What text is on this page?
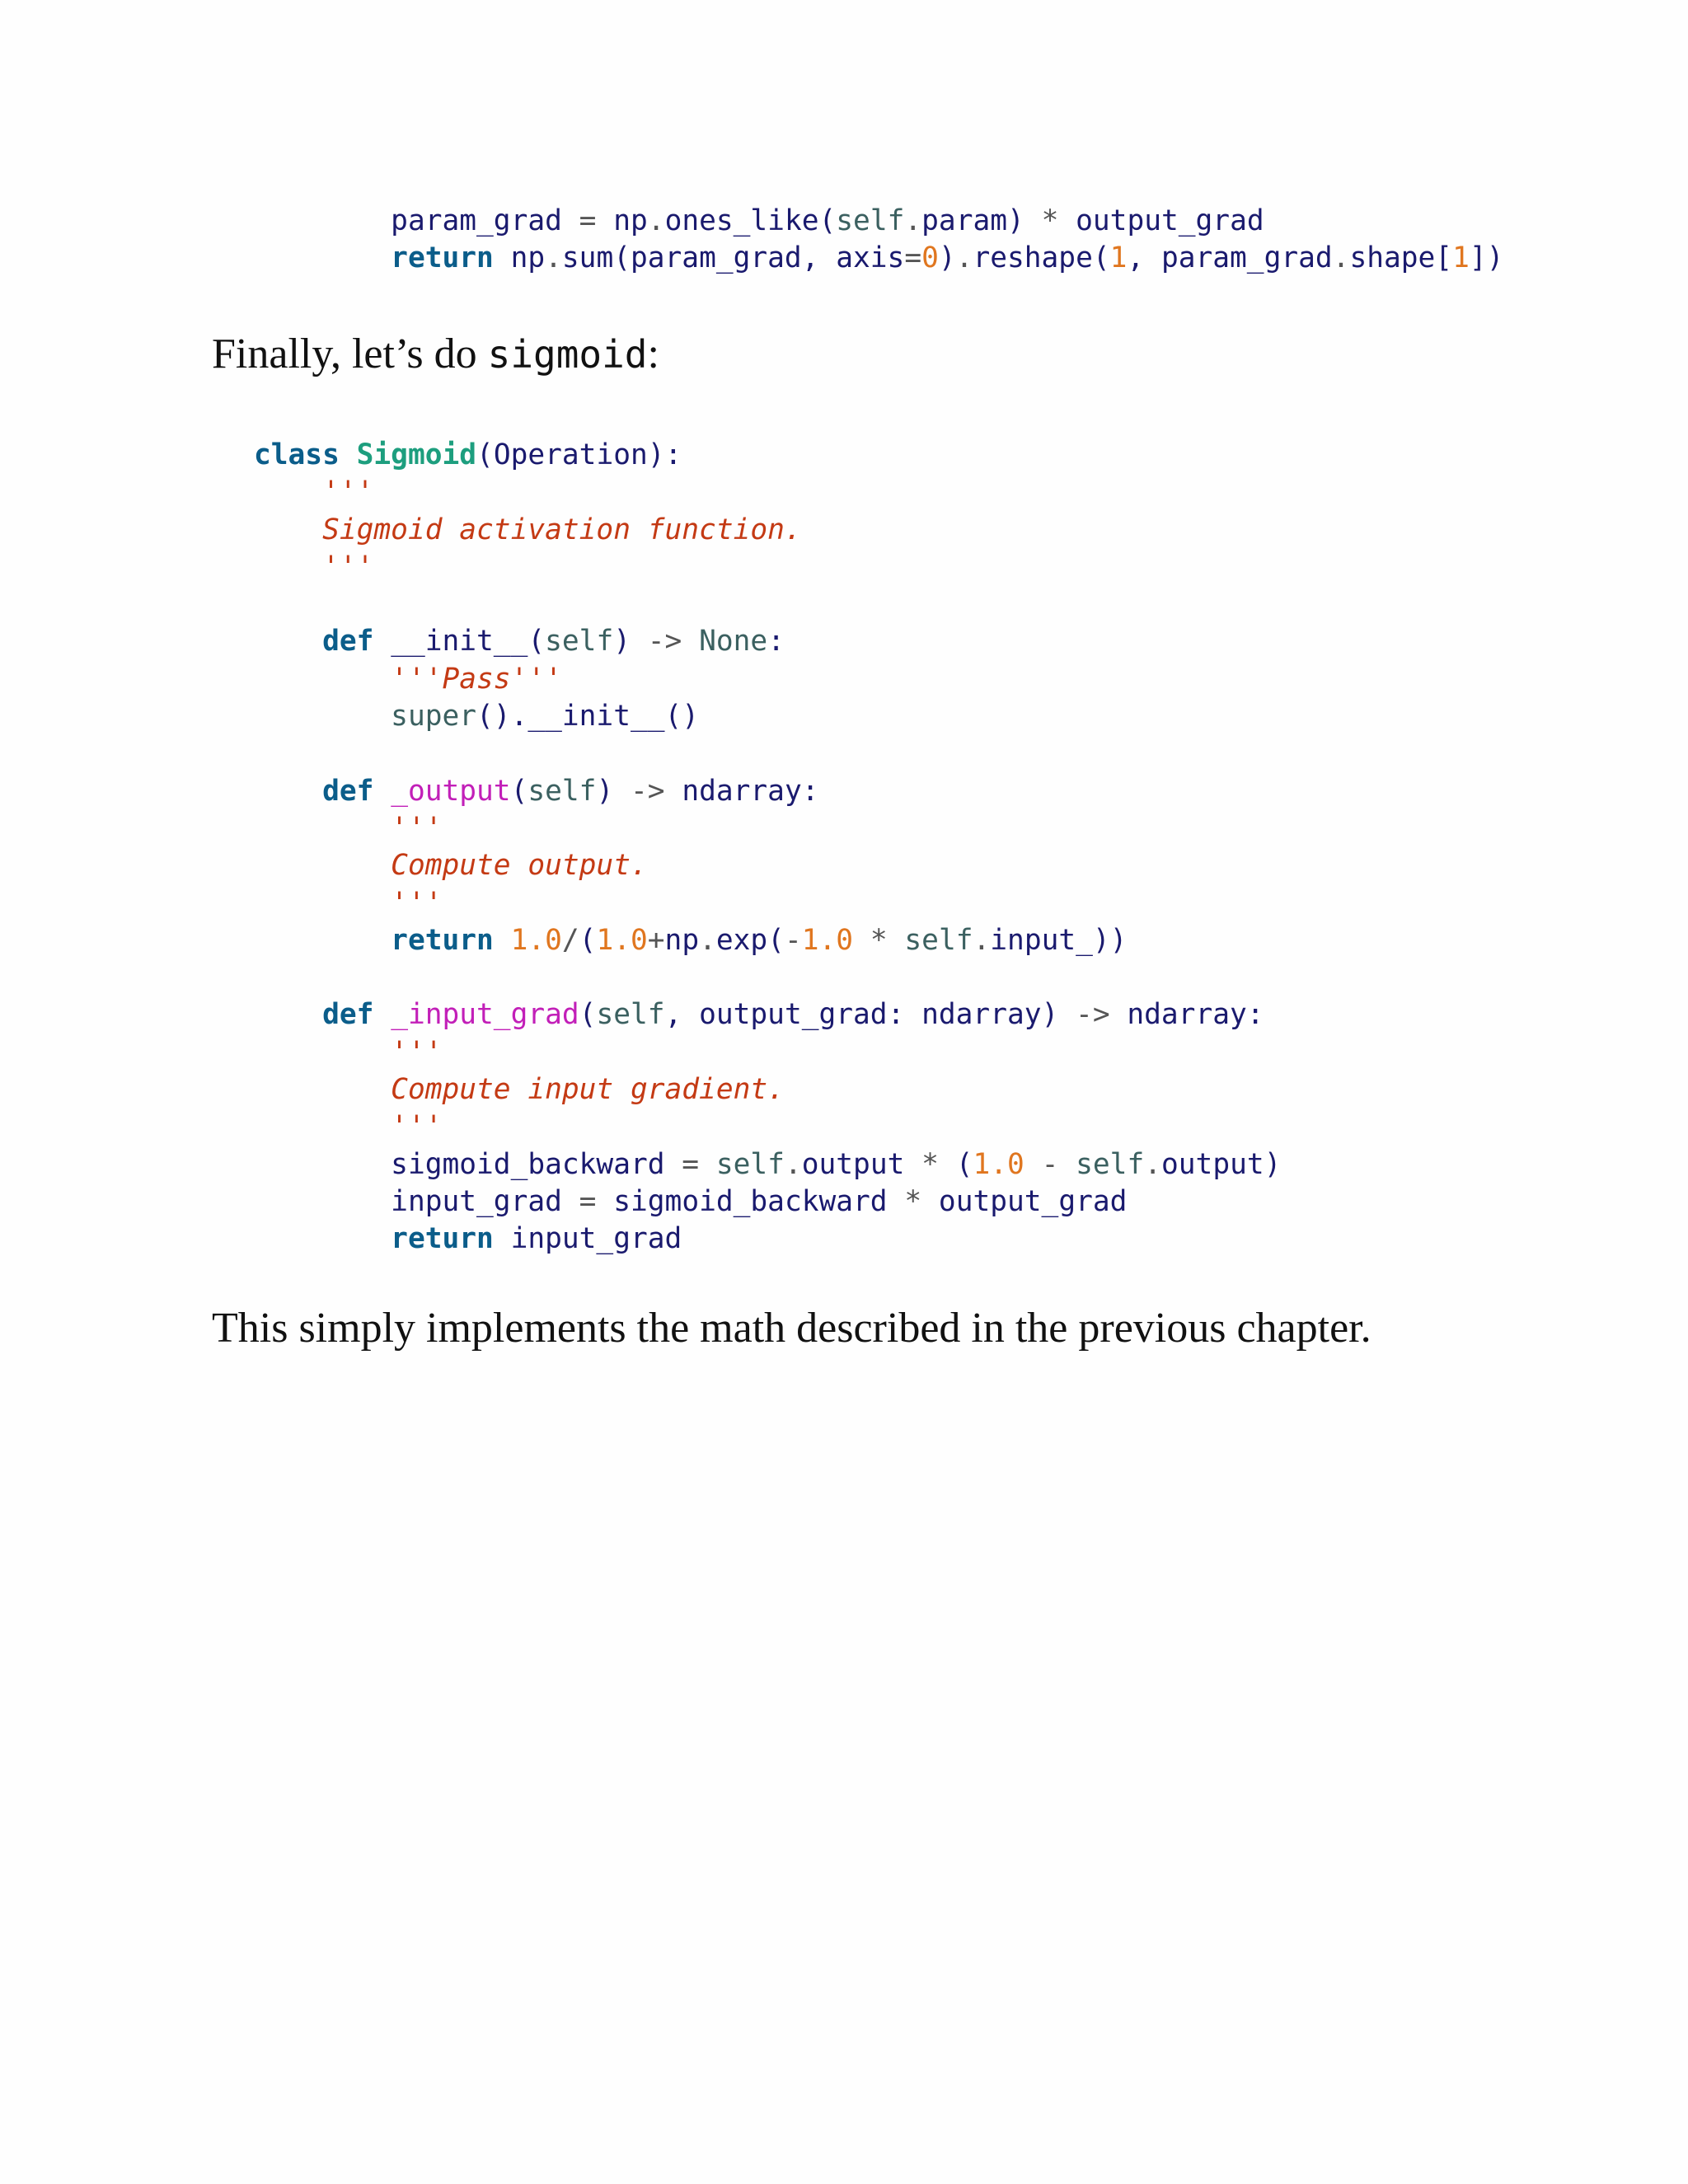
param_grad = np.ones_like(self.param) * output_grad
return np.sum(param_grad, axis=0).reshape(1, param_grad.shape[1])

Finally, let’s do sigmoid:

class Sigmoid(Operation):
'''
Sigmoid activation function.
'''

def __init__(self) -> None:
'''Pass'''
super().__init__()

def _output(self) -> ndarray:
'''
Compute output.
'''
return 1.0/(1.0+np.exp(-1.0 * self.input_))

def _input_grad(self, output_grad: ndarray) -> ndarray:
'''
Compute input gradient.
'''
sigmoid_backward = self.output * (1.0 - self.output)
input_grad = sigmoid_backward * output_grad
return input_grad

This simply implements the math described in the previous chapter.
